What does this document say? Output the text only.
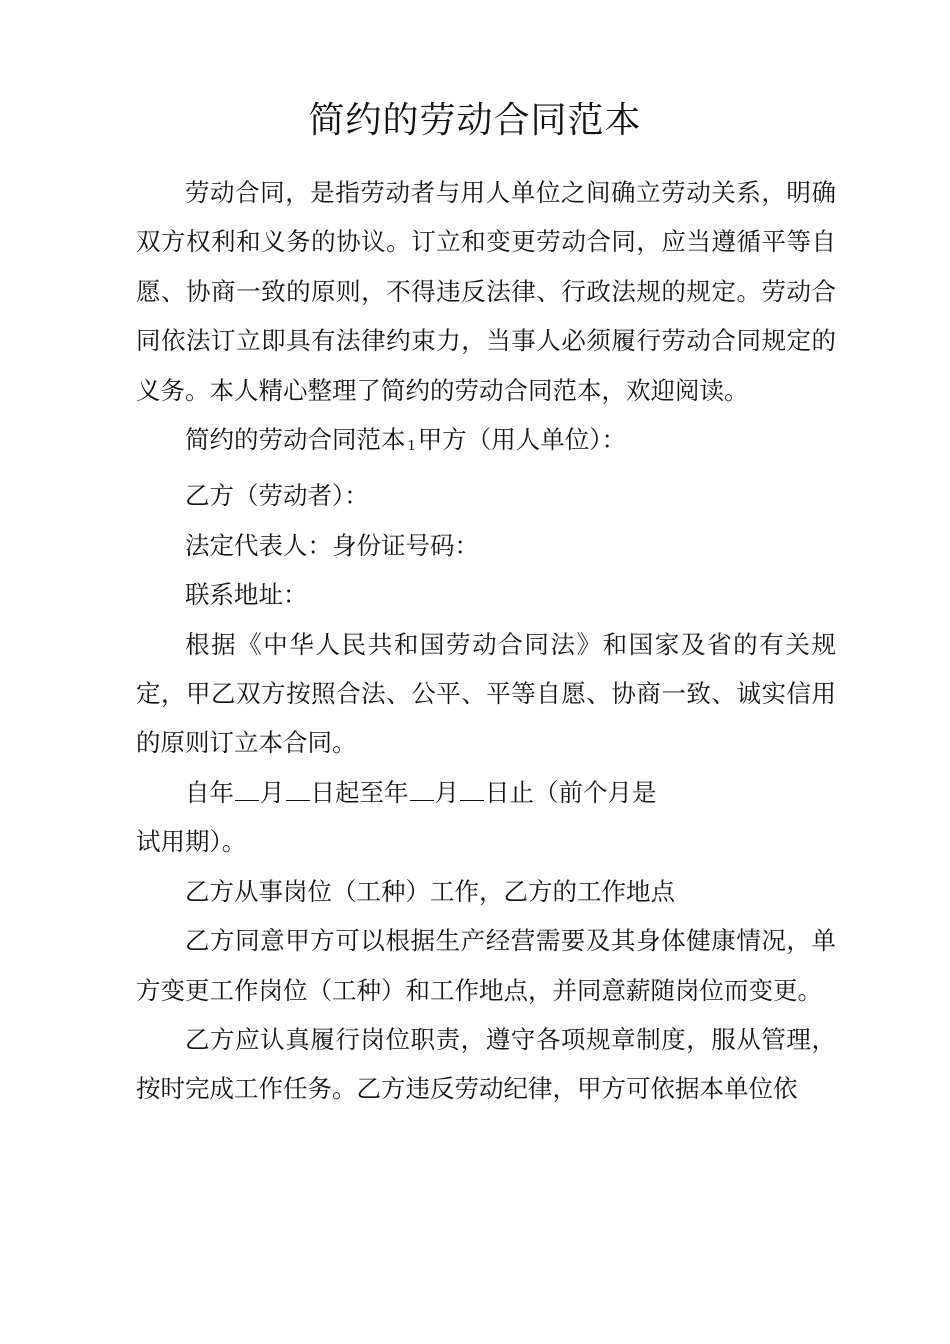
简约的劳动合同范本

劳动合同，是指劳动者与用人单位之间确立劳动关系，明确双方权利和义务的协议。订立和变更劳动合同，应当遵循平等自愿、协商一致的原则，不得违反法律、行政法规的规定。劳动合同依法订立即具有法律约束力，当事人必须履行劳动合同规定的义务。本人精心整理了简约的劳动合同范本，欢迎阅读。

简约的劳动合同范本 1甲方（用人单位）：

乙方（劳动者）：

法定代表人：身份证号码：

联系地址：

根据《中华人民共和国劳动合同法》和国家及省的有关规定，甲乙双方按照合法、公平、平等自愿、协商一致、诚实信用的原则订立本合同。

自年 月 日起至年 月 日止（前个月是

试用期）。

乙方从事岗位（工种）工作，乙方的工作地点

乙方同意甲方可以根据生产经营需要及其身体健康情况，单方变更工作岗位（工种）和工作地点，并同意薪随岗位而变更。

乙方应认真履行岗位职责，遵守各项规章制度，服从管理，按时完成工作任务。乙方违反劳动纪律，甲方可依据本单位依
